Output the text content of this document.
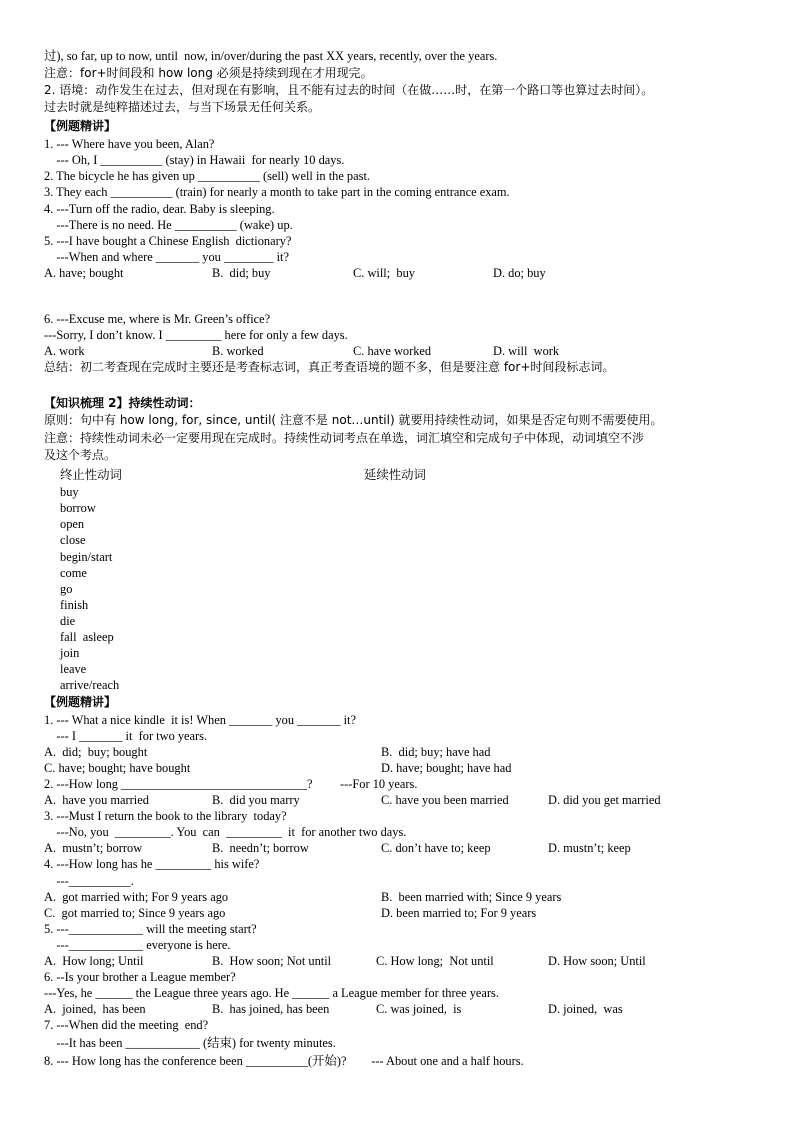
过), so far, up to now, until  now, in/over/during the past XX years, recently, over the years.
注意：for+时间段和 how long 必须是持续到现在才用现完。
2. 语境：动作发生在过去，但对现在有影响，且不能有过去的时间（在做……时，在第一个路口等也算过去时间）。
过去时就是纯粹描述过去，与当下场景无任何关系。
【例题精讲】
1. --- Where have you been, Alan?
--- Oh, I __________ (stay) in Hawaii  for nearly 10 days.
2. The bicycle he has given up __________ (sell) well in the past.
3. They each __________ (train) for nearly a month to take part in the coming entrance exam.
4. ---Turn off the radio, dear. Baby is sleeping.
---There is no need. He __________ (wake) up.
5. ---I have bought a Chinese English  dictionary?
---When and where _______ you ________ it?
A. have; bought	B.  did; buy	C. will;  buy	D. do; buy
6. ---Excuse me, where is Mr. Green’s office?
---Sorry, I don’t know. I _________ here for only a few days.
A. work	B. worked	C. have worked	D. will  work
总结：初二考查现在完成时主要还是考查标志词，真正考查语境的题不多，但是要注意 for+时间段标志词。
【知识梳理 2】持续性动词：
原则：句中有 how long, for, since, until( 注意不是 not…until) 就要用持续性动词，如果是否定句则不需要使用。
注意：持续性动词未必一定要用现在完成时。持续性动词考点在单选，词汇填空和完成句子中体现，动词填空不涉
及这个考点。
终止性动词	延续性动词
buy
borrow
open
close
begin/start
come
go
finish
die
fall  asleep
join
leave
arrive/reach
【例题精讲】
1. --- What a nice kindle  it is! When _______ you _______ it?
--- I _______ it  for two years.
A.  did;  buy; bought	B.  did; buy; have had
C. have; bought; have bought	D. have; bought; have had
2. ---How long ______________________________? ---For 10 years.
A.  have you married	B.  did you marry	C. have you been married	D. did you get married
3. ---Must I return the book to the library  today?
---No, you  _________. You  can  _________  it  for another two days.
A.  mustn’t; borrow	B.  needn’t; borrow	C. don’t have to; keep	D. mustn’t; keep
4. ---How long has he _________ his wife?
---__________.
A.  got married with; For 9 years ago	B.  been married with; Since 9 years
C.  got married to; Since 9 years ago	D. been married to; For 9 years
5. ---____________ will the meeting start?
---____________ everyone is here.
A.  How long; Until	B.  How soon; Not until	C. How long;  Not until	D. How soon; Until
6. --Is your brother a League member?
---Yes, he ______ the League three years ago. He ______ a League member for three years.
A.  joined,  has been	B.  has joined, has been	C. was joined,  is	D. joined,  was
7. ---When did the meeting  end?
---It has been ____________ (结束) for twenty minutes.
8. --- How long has the conference been __________(开始)?        --- About one and a half hours.
